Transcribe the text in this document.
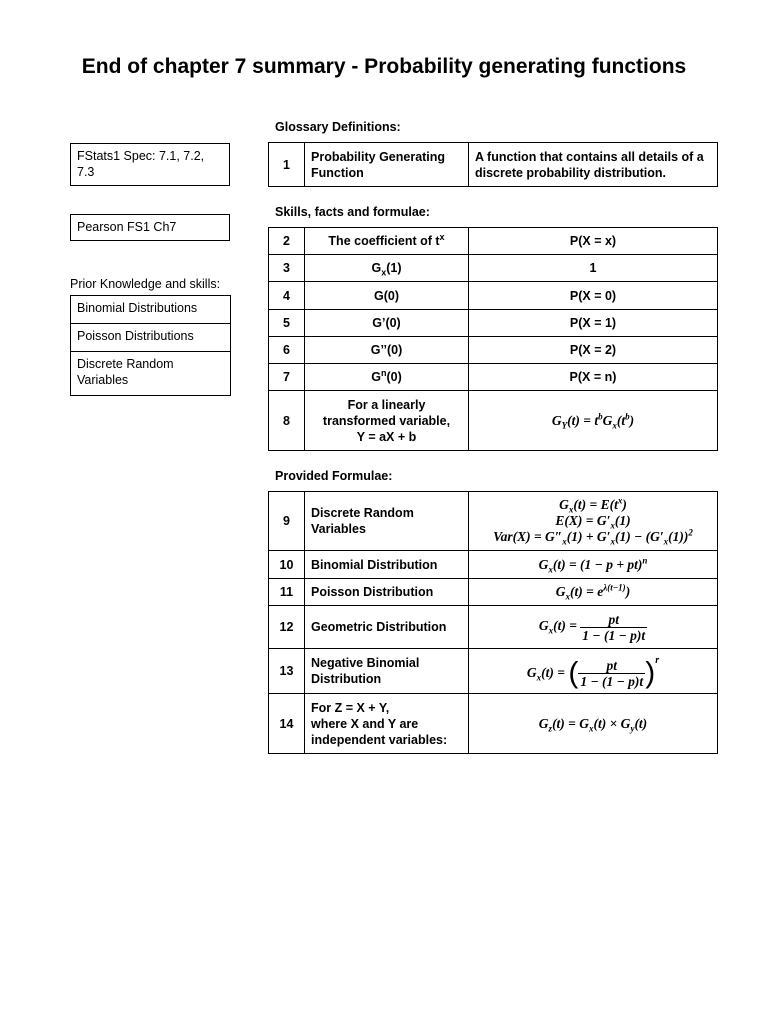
End of chapter 7 summary - Probability generating functions
FStats1 Spec: 7.1, 7.2, 7.3
Pearson FS1 Ch7
Prior Knowledge and skills:
Binomial Distributions
Poisson Distributions
Discrete Random Variables
Glossary Definitions:
1	Probability Generating Function	A function that contains all details of a discrete probability distribution.
Skills, facts and formulae:
2	The coefficient of $t^x$	P(X = x)
3	$G_x(1)$	1
4	G(0)	P(X = 0)
5	G’(0)	P(X = 1)
6	G’’(0)	P(X = 2)
7	$G^n(0)$	P(X = n)
8	For a linearly
transformed variable,
Y = aX + b	$G_Y(t) = t^bG_x(t^b)$
Provided Formulae:
9	Discrete Random Variables	$G_x(t) = E(t^x)$
$E(X) = G'_x(1)$
$Var(X) = G''_x(1) + G'_x(1) - (G'_x(1))^2$

10	Binomial Distribution	$G_x(t) = (1 - p + pt)^n$
11	Poisson Distribution	$G_x(t) = e^{\lambda(t-1)}$)
12	Geometric Distribution	$G_x(t) = \frac{pt}{1 - (1 - p)t}$

13	Negative Binomial Distribution	$G_x(t)$ = ( $\frac{pt}{1 - (1 - p)t} )^r$
14	For Z = X + Y,
where X and Y are
independent variables:	$G_z(t) = G_x(t) \times G_y(t)$
